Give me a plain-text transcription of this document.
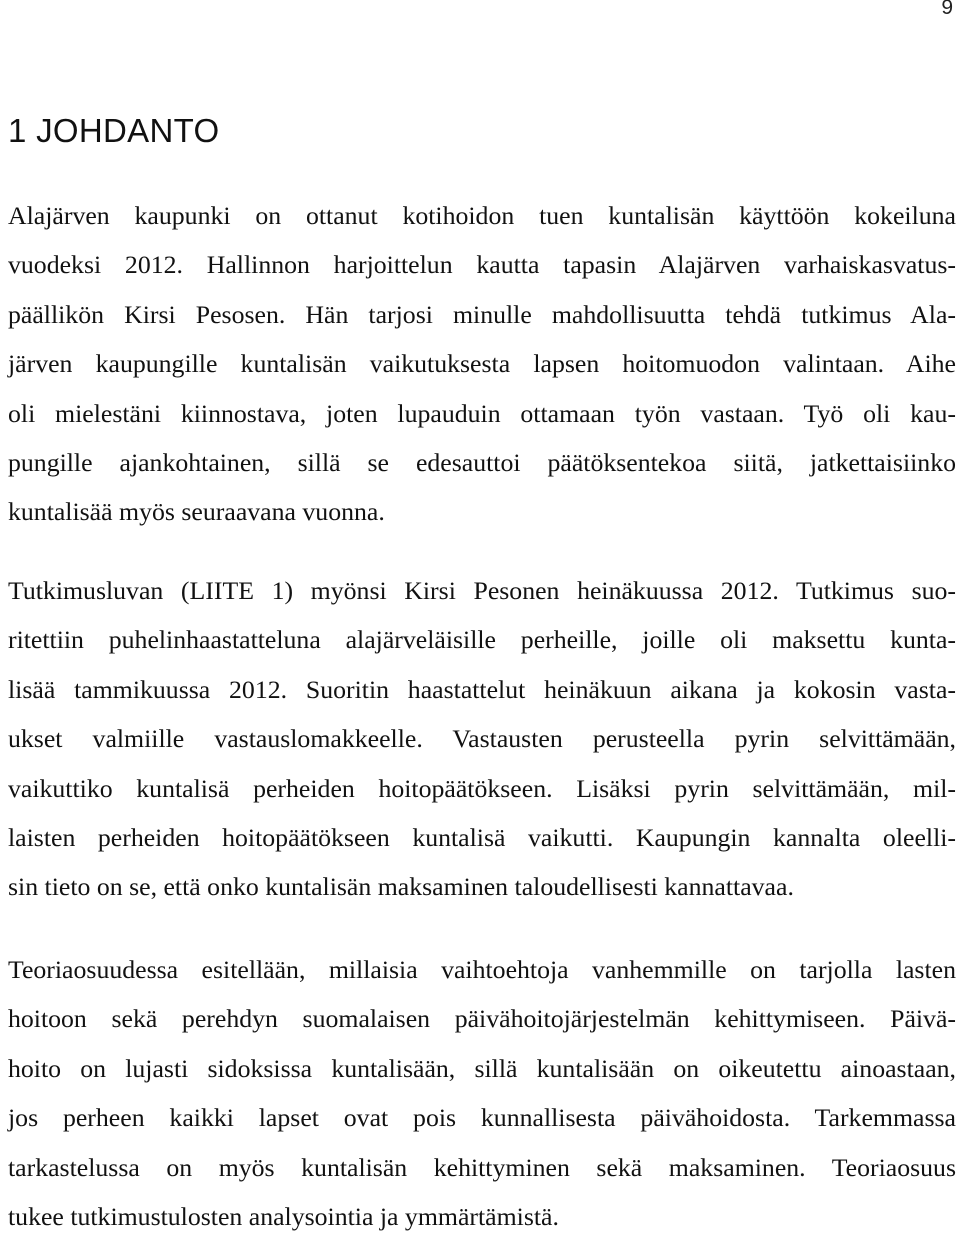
9
1 JOHDANTO
Alajärven kaupunki on ottanut kotihoidon tuen kuntalisän käyttöön kokeiluna
vuodeksi 2012. Hallinnon harjoittelun kautta tapasin Alajärven varhaiskasvatus-
päällikön Kirsi Pesosen. Hän tarjosi minulle mahdollisuutta tehdä tutkimus Ala-
järven kaupungille kuntalisän vaikutuksesta lapsen hoitomuodon valintaan. Aihe
oli mielestäni kiinnostava, joten lupauduin ottamaan työn vastaan. Työ oli kau-
pungille ajankohtainen, sillä se edesauttoi päätöksentekoa siitä, jatkettaisiinko
kuntalisää myös seuraavana vuonna.
Tutkimusluvan (LIITE 1) myönsi Kirsi Pesonen heinäkuussa 2012. Tutkimus suo-
ritettiin puhelinhaastatteluna alajärveläisille perheille, joille oli maksettu kunta-
lisää tammikuussa 2012. Suoritin haastattelut heinäkuun aikana ja kokosin vasta-
ukset valmiille vastauslomakkeelle. Vastausten perusteella pyrin selvittämään,
vaikuttiko kuntalisä perheiden hoitopäätökseen. Lisäksi pyrin selvittämään, mil-
laisten perheiden hoitopäätökseen kuntalisä vaikutti. Kaupungin kannalta oleelli-
sin tieto on se, että onko kuntalisän maksaminen taloudellisesti kannattavaa.
Teoriaosuudessa esitellään, millaisia vaihtoehtoja vanhemmille on tarjolla lasten
hoitoon sekä perehdyn suomalaisen päivähoitojärjestelmän kehittymiseen. Päivä-
hoito on lujasti sidoksissa kuntalisään, sillä kuntalisään on oikeutettu ainoastaan,
jos perheen kaikki lapset ovat pois kunnallisesta päivähoidosta. Tarkemmassa
tarkastelussa on myös kuntalisän kehittyminen sekä maksaminen. Teoriaosuus
tukee tutkimustulosten analysointia ja ymmärtämistä.
